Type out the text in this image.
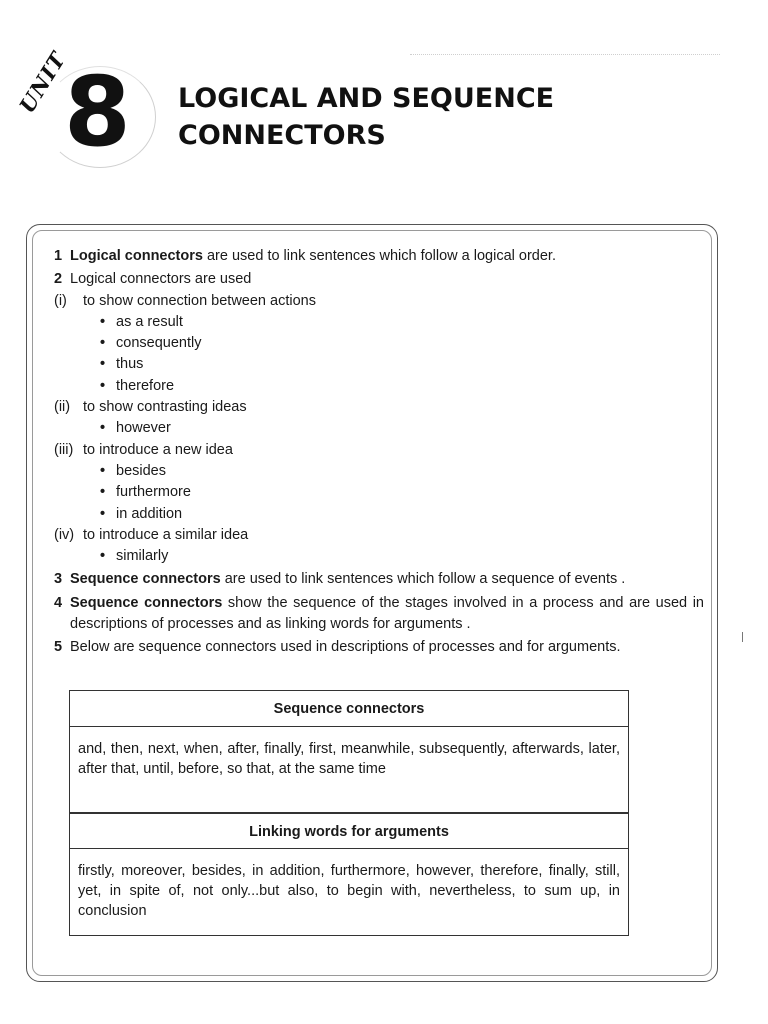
UNIT
8 LOGICAL AND SEQUENCE
CONNECTORS
1 Logical connectors are used to link sentences which follow a logical order.
2 Logical connectors are used
(i) to show connection between actions
• as a result
• consequently
• thus
• therefore
(ii) to show contrasting ideas
• however
(iii) to introduce a new idea
• besides
• furthermore
• in addition
(iv) to introduce a similar idea
• similarly
3 Sequence connectors are used to link sentences which follow a sequence of events .
4 Sequence connectors show the sequence of the stages involved in a process and are used in descriptions of processes and as linking words for arguments .
5 Below are sequence connectors used in descriptions of processes and for arguments.
Sequence connectors
and, then, next, when, after, finally, first, meanwhile, subsequently, afterwards, later, after that, until, before, so that, at the same time
Linking words for arguments
firstly, moreover, besides, in addition, furthermore, however, therefore, finally, still, yet, in spite of, not only...but also, to begin with, nevertheless, to sum up, in conclusion
